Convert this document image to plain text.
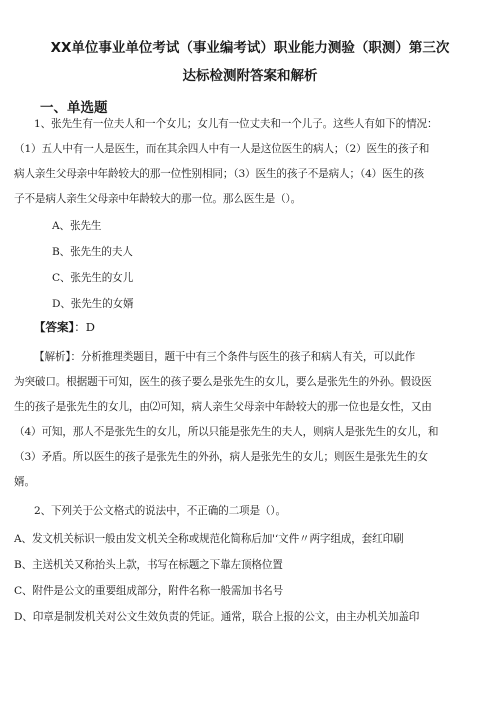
XX单位事业单位考试（事业编考试）职业能力测验（职测）第三次
达标检测附答案和解析
一、单选题
1、张先生有一位夫人和一个女儿；女儿有一位丈夫和一个儿子。这些人有如下的情况：
（1）五人中有一人是医生，而在其余四人中有一人是这位医生的病人；（2）医生的孩子和
病人亲生父母亲中年龄较大的那一位性别相同；（3）医生的孩子不是病人；（4）医生的孩
子不是病人亲生父母亲中年龄较大的那一位。那么医生是（）。
A、张先生
B、张先生的夫人
C、张先生的女儿
D、张先生的女婿
【答案】：D
【解析】：分析推理类题目，题干中有三个条件与医生的孩子和病人有关，可以此作
为突破口。根据题干可知，医生的孩子要么是张先生的女儿，要么是张先生的外孙。假设医
生的孩子是张先生的女儿，由⑵可知，病人亲生父母亲中年龄较大的那一位也是女性，又由
（4）可知，那人不是张先生的女儿，所以只能是张先生的夫人，则病人是张先生的女儿，和
（3）矛盾。所以医生的孩子是张先生的外孙，病人是张先生的女儿；则医生是张先生的女
婿。
2、下列关于公文格式的说法中，不正确的二项是（）。
A、发文机关标识一般由发文机关全称或规范化简称后加'‘文件〃两字组成，套红印刷
B、主送机关又称抬头上款，书写在标题之下靠左顶格位置
C、附件是公文的重要组成部分，附件名称一般需加书名号
D、印章是制发机关对公文生效负责的凭证。通常，联合上报的公文，由主办机关加盖印
